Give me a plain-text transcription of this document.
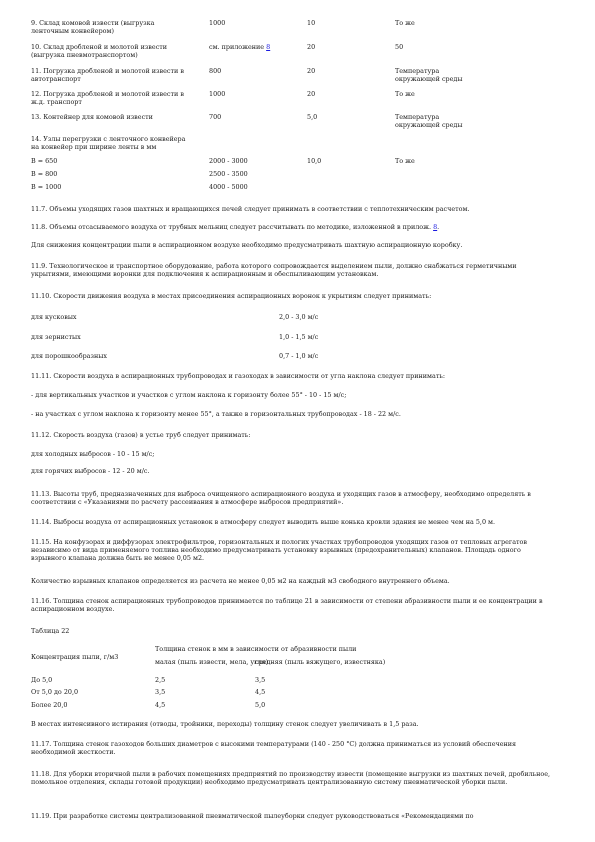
9. Склад комовой извести (выгрузка
ленточным конвейером)
1000	10	То же
10. Склад дробленой и молотой извести
(выгрузка пневмотранспортом)
см. приложение 8	20	50
11. Погрузка дробленой и молотой извести в
автотранспорт
800	20	Температура
окружающей среды
12. Погрузка дробленой и молотой извести в
ж.д. транспорт
1000	20	То же
13. Контейнер для комовой извести	700	5,0	Температура
окружающей среды
14. Узлы перегрузки с ленточного конвейера
на конвейер при ширине ленты в мм
В = 650	2000 - 3000	10,0	То же
В = 800	2500 - 3500
В = 1000	4000 - 5000
11.7. Объемы уходящих газов шахтных и вращающихся печей следует принимать в соответствии с теплотехническим расчетом.
11.8. Объемы отсасываемого воздуха от трубных мельниц следует рассчитывать по методике, изложенной в прилож. 8.
Для снижения концентрации пыли в аспирационном воздухе необходимо предусматривать шахтную аспирационную коробку.
11.9. Технологическое и транспортное оборудование, работа которого сопровождается выделением пыли, должно снабжаться герметичными укрытиями, имеющими воронки для подключения к аспирационным и обеспыливающим установкам.
11.10. Скорости движения воздуха в местах присоединения аспирационных воронок к укрытиям следует принимать:
для кусковых	2,0 - 3,0 м/с
для зернистых	1,0 - 1,5 м/с
для порошкообразных	0,7 - 1,0 м/с
11.11. Скорости воздуха в аспирационных трубопроводах и газоходах в зависимости от угла наклона следует принимать:
- для вертикальных участков и участков с углом наклона к горизонту более 55° - 10 - 15 м/с;
- на участках с углом наклона к горизонту менее 55°, а также в горизонтальных трубопроводах - 18 - 22 м/с.
11.12. Скорость воздуха (газов) в устье труб следует принимать:
для холодных выбросов - 10 - 15 м/с;
для горячих выбросов - 12 - 20 м/с.
11.13. Высоты труб, предназначенных для выброса очищенного аспирационного воздуха и уходящих газов в атмосферу, необходимо определять в соответствии с «Указаниями по расчету рассеивания в атмосфере выбросов предприятий».
11.14. Выбросы воздуха от аспирационных установок в атмосферу следует выводить выше конька кровли здания не менее чем на 5,0 м.
11.15. На конфузорах и диффузорах электрофильтров, горизонтальных и пологих участках трубопроводов уходящих газов от тепловых агрегатов независимо от вида применяемого топлива необходимо предусматривать установку взрывных (предохранительных) клапанов. Площадь одного взрывного клапана должна быть не менее 0,05 м2.
Количество взрывных клапанов определяется из расчета не менее 0,05 м2 на каждый м3 свободного внутреннего объема.
11.16. Толщина стенок аспирационных трубопроводов принимается по таблице 21 в зависимости от степени абразивности пыли и ее концентрации в аспирационном воздухе.
Таблица 22
Толщина стенок в мм в зависимости от абразивности пыли
Концентрация пыли, г/м3
малая (пыль извести, мела, угля)
средняя (пыль вяжущего, известняка)
До 5,0	2,5	3,5
От 5,0 до 20,0	3,5	4,5
Более 20,0	4,5	5,0
В местах интенсивного истирания (отводы, тройники, переходы) толщину стенок следует увеличивать в 1,5 раза.
11.17. Толщина стенок газоходов больших диаметров с высокими температурами (140 - 250 °С) должна приниматься из условий обеспечения необходимой жесткости.
11.18. Для уборки вторичной пыли в рабочих помещениях предприятий по производству извести (помещение выгрузки из шахтных печей, дробильное, помольное отделения, склады готовой продукции) необходимо предусматривать централизованную систему пневматической уборки пыли.
11.19. При разработке системы централизованной пневматической пылеуборки следует руководствоваться «Рекомендациями по
